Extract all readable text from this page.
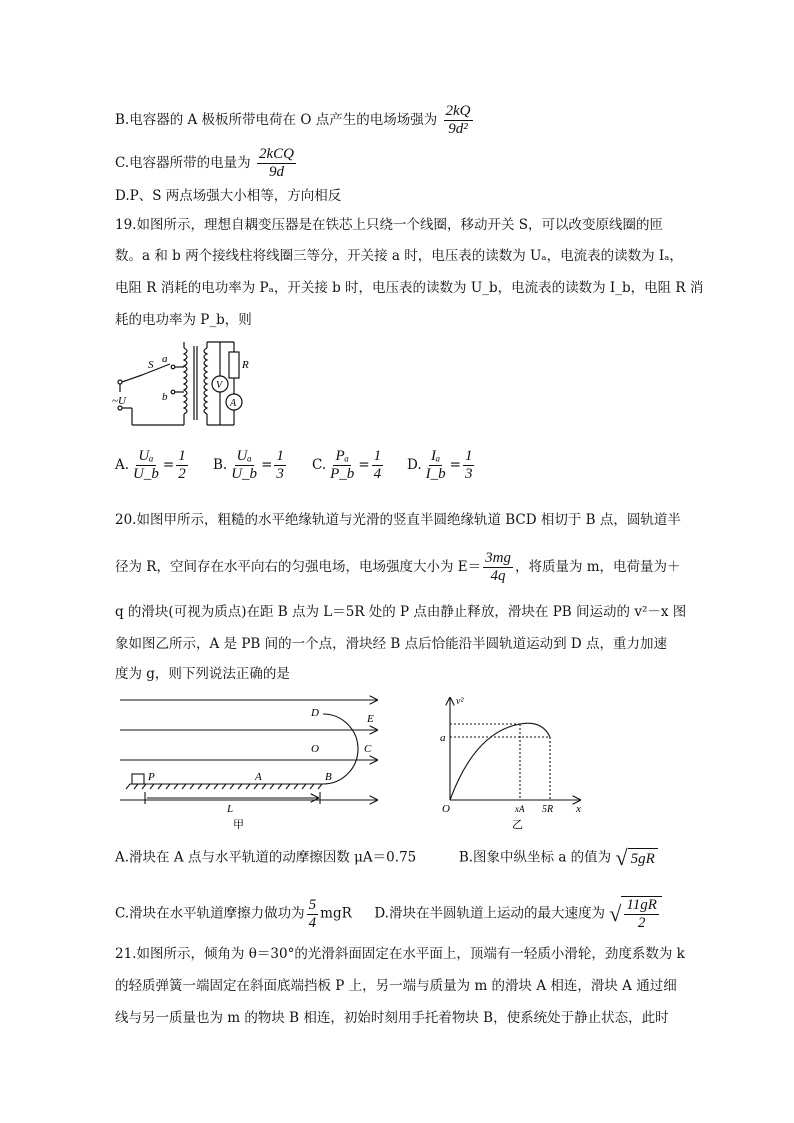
B.电容器的 A 极板所带电荷在 O 点产生的电场场强为 $\frac{2kQ}{\text{9d²}}$
C.电容器所带的电量为 $\frac{\text{2kCQ}}{9d}$
D.P、S 两点场强大小相等，方向相反
19.如图所示，理想自耦变压器是在铁芯上只绕一个线圈，移动开关 S，可以改变原线圈的匝
数。a 和 b 两个接线柱将线圈三等分，开关接 a 时，电压表的读数为 Uₐ，电流表的读数为 Iₐ，
电阻 R 消耗的电功率为 Pₐ，开关接 b 时，电压表的读数为 U_b，电流表的读数为 I_b，电阻 R 消
耗的电功率为 P_b，则
V
A
R
S a
b
~U
A. $\frac{\text{Uₐ}}{U\_b} = \frac{1}{2} B$. $\frac{\text{Uₐ}}{U\_b} = \frac{1}{3} C$. $\frac{\text{Pₐ}}{P\_b} = \frac{1}{4} D$. $\frac{\text{Iₐ}}{I\_b} = \frac{1}{3}$
20.如图甲所示，粗糙的水平绝缘轨道与光滑的竖直半圆绝缘轨道 BCD 相切于 B 点，圆轨道半
径为 R，空间存在水平向右的匀强电场，电场强度大小为 $E= \frac{3mg}{4q}$ ，将质量为 m，电荷量为＋
q 的滑块(可视为质点)在距 B 点为 L＝5R 处的 P 点由静止释放，滑块在 PB 间运动的 v²－x 图
象如图乙所示，A 是 PB 间的一个点，滑块经 B 点后恰能沿半圆轨道运动到 D 点，重力加速
度为 g，则下列说法正确的是
P	A	B
D
O	C
E
L
甲
v²
a
O	xA 5R x
乙
A.滑块在 A 点与水平轨道的动摩擦因数 μA＝0.75	B.图象中纵坐标 a 的值为 √ 5gR
C.滑块在水平轨道摩擦力做功为 $\frac{5}{4}$ mgR D.滑块在半圆轨道上运动的最大速度为 √ $\frac{11gR}{2}$
21.如图所示，倾角为 θ＝30°的光滑斜面固定在水平面上，顶端有一轻质小滑轮，劲度系数为 k
的轻质弹簧一端固定在斜面底端挡板 P 上，另一端与质量为 m 的滑块 A 相连，滑块 A 通过细
线与另一质量也为 m 的物块 B 相连，初始时刻用手托着物块 B，使系统处于静止状态，此时
